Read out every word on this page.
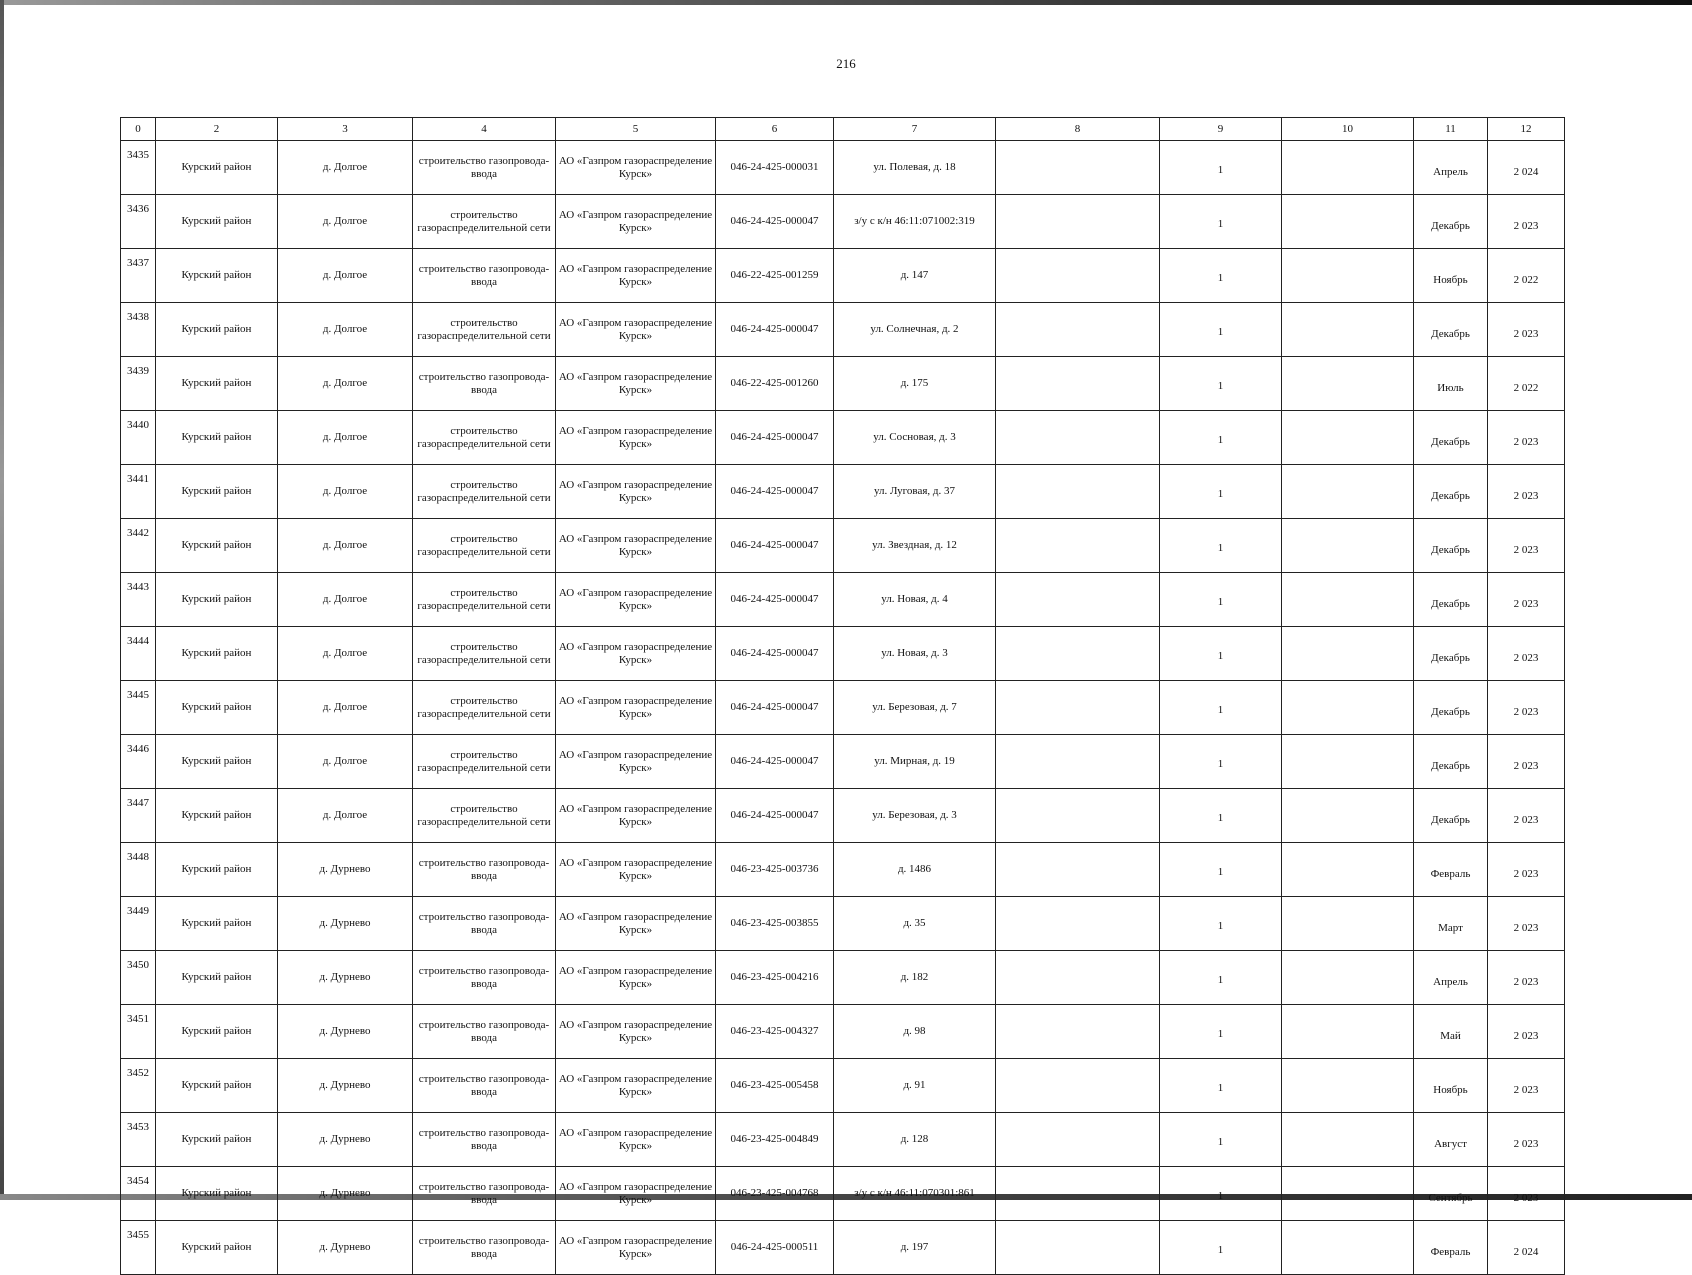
216
0	2	3	4	5	6	7	8	9	10	11	12
3435	Курский район	д. Долгое	строительство газопровода-ввода	АО «Газпром газораспределение Курск»	046-24-425-000031	ул. Полевая, д. 18		1		Апрель	2 024
3436	Курский район	д. Долгое	строительство газораспределительной сети	АО «Газпром газораспределение Курск»	046-24-425-000047	з/у с к/н 46:11:071002:319		1		Декабрь	2 023
3437	Курский район	д. Долгое	строительство газопровода-ввода	АО «Газпром газораспределение Курск»	046-22-425-001259	д. 147		1		Ноябрь	2 022
3438	Курский район	д. Долгое	строительство газораспределительной сети	АО «Газпром газораспределение Курск»	046-24-425-000047	ул. Солнечная, д. 2		1		Декабрь	2 023
3439	Курский район	д. Долгое	строительство газопровода-ввода	АО «Газпром газораспределение Курск»	046-22-425-001260	д. 175		1		Июль	2 022
3440	Курский район	д. Долгое	строительство газораспределительной сети	АО «Газпром газораспределение Курск»	046-24-425-000047	ул. Сосновая, д. 3		1		Декабрь	2 023
3441	Курский район	д. Долгое	строительство газораспределительной сети	АО «Газпром газораспределение Курск»	046-24-425-000047	ул. Луговая, д. 37		1		Декабрь	2 023
3442	Курский район	д. Долгое	строительство газораспределительной сети	АО «Газпром газораспределение Курск»	046-24-425-000047	ул. Звездная, д. 12		1		Декабрь	2 023
3443	Курский район	д. Долгое	строительство газораспределительной сети	АО «Газпром газораспределение Курск»	046-24-425-000047	ул. Новая, д. 4		1		Декабрь	2 023
3444	Курский район	д. Долгое	строительство газораспределительной сети	АО «Газпром газораспределение Курск»	046-24-425-000047	ул. Новая, д. 3		1		Декабрь	2 023
3445	Курский район	д. Долгое	строительство газораспределительной сети	АО «Газпром газораспределение Курск»	046-24-425-000047	ул. Березовая, д. 7		1		Декабрь	2 023
3446	Курский район	д. Долгое	строительство газораспределительной сети	АО «Газпром газораспределение Курск»	046-24-425-000047	ул. Мирная, д. 19		1		Декабрь	2 023
3447	Курский район	д. Долгое	строительство газораспределительной сети	АО «Газпром газораспределение Курск»	046-24-425-000047	ул. Березовая, д. 3		1		Декабрь	2 023
3448	Курский район	д. Дурнево	строительство газопровода-ввода	АО «Газпром газораспределение Курск»	046-23-425-003736	д. 1486		1		Февраль	2 023
3449	Курский район	д. Дурнево	строительство газопровода-ввода	АО «Газпром газораспределение Курск»	046-23-425-003855	д. 35		1		Март	2 023
3450	Курский район	д. Дурнево	строительство газопровода-ввода	АО «Газпром газораспределение Курск»	046-23-425-004216	д. 182		1		Апрель	2 023
3451	Курский район	д. Дурнево	строительство газопровода-ввода	АО «Газпром газораспределение Курск»	046-23-425-004327	д. 98		1		Май	2 023
3452	Курский район	д. Дурнево	строительство газопровода-ввода	АО «Газпром газораспределение Курск»	046-23-425-005458	д. 91		1		Ноябрь	2 023
3453	Курский район	д. Дурнево	строительство газопровода-ввода	АО «Газпром газораспределение Курск»	046-23-425-004849	д. 128		1		Август	2 023
3454	Курский район	д. Дурнево	строительство газопровода-ввода	АО «Газпром газораспределение Курск»	046-23-425-004768	з/у с к/н 46:11:070301:861		1		Сентябрь	2 023
3455	Курский район	д. Дурнево	строительство газопровода-ввода	АО «Газпром газораспределение Курск»	046-24-425-000511	д. 197		1		Февраль	2 024
